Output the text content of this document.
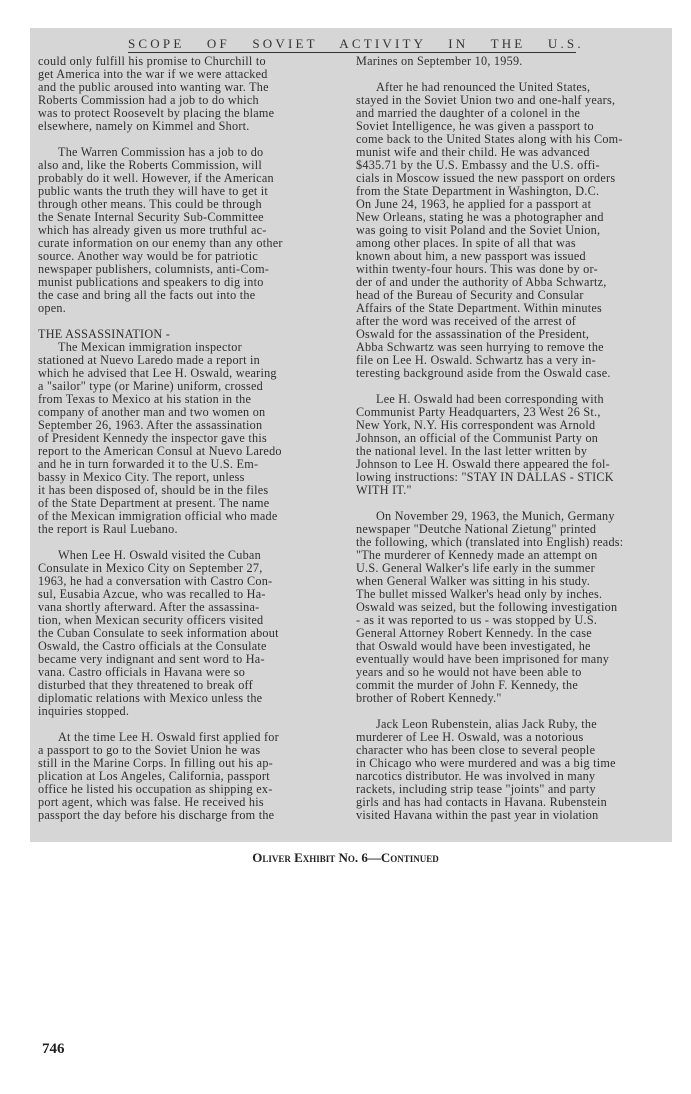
SCOPE OF SOVIET ACTIVITY IN THE U.S.
could only fulfill his promise to Churchill to
get America into the war if we were attacked
and the public aroused into wanting war. The
Roberts Commission had a job to do which
was to protect Roosevelt by placing the blame
elsewhere, namely on Kimmel and Short.
The Warren Commission has a job to do
also and, like the Roberts Commission, will
probably do it well. However, if the American
public wants the truth they will have to get it
through other means. This could be through
the Senate Internal Security Sub-Committee
which has already given us more truthful ac-
curate information on our enemy than any other
source. Another way would be for patriotic
newspaper publishers, columnists, anti-Com-
munist publications and speakers to dig into
the case and bring all the facts out into the
open.
THE ASSASSINATION -
The Mexican immigration inspector
stationed at Nuevo Laredo made a report in
which he advised that Lee H. Oswald, wearing
a "sailor" type (or Marine) uniform, crossed
from Texas to Mexico at his station in the
company of another man and two women on
September 26, 1963. After the assassination
of President Kennedy the inspector gave this
report to the American Consul at Nuevo Laredo
and he in turn forwarded it to the U.S. Em-
bassy in Mexico City. The report, unless
it has been disposed of, should be in the files
of the State Department at present. The name
of the Mexican immigration official who made
the report is Raul Luebano.
When Lee H. Oswald visited the Cuban
Consulate in Mexico City on September 27,
1963, he had a conversation with Castro Con-
sul, Eusabia Azcue, who was recalled to Ha-
vana shortly afterward. After the assassina-
tion, when Mexican security officers visited
the Cuban Consulate to seek information about
Oswald, the Castro officials at the Consulate
became very indignant and sent word to Ha-
vana. Castro officials in Havana were so
disturbed that they threatened to break off
diplomatic relations with Mexico unless the
inquiries stopped.
At the time Lee H. Oswald first applied for
a passport to go to the Soviet Union he was
still in the Marine Corps. In filling out his ap-
plication at Los Angeles, California, passport
office he listed his occupation as shipping ex-
port agent, which was false. He received his
passport the day before his discharge from the
Marines on September 10, 1959.
After he had renounced the United States,
stayed in the Soviet Union two and one-half years,
and married the daughter of a colonel in the
Soviet Intelligence, he was given a passport to
come back to the United States along with his Com-
munist wife and their child. He was advanced
$435.71 by the U.S. Embassy and the U.S. offi-
cials in Moscow issued the new passport on orders
from the State Department in Washington, D.C.
On June 24, 1963, he applied for a passport at
New Orleans, stating he was a photographer and
was going to visit Poland and the Soviet Union,
among other places. In spite of all that was
known about him, a new passport was issued
within twenty-four hours. This was done by or-
der of and under the authority of Abba Schwartz,
head of the Bureau of Security and Consular
Affairs of the State Department. Within minutes
after the word was received of the arrest of
Oswald for the assassination of the President,
Abba Schwartz was seen hurrying to remove the
file on Lee H. Oswald. Schwartz has a very in-
teresting background aside from the Oswald case.
Lee H. Oswald had been corresponding with
Communist Party Headquarters, 23 West 26 St.,
New York, N.Y. His correspondent was Arnold
Johnson, an official of the Communist Party on
the national level. In the last letter written by
Johnson to Lee H. Oswald there appeared the fol-
lowing instructions: "STAY IN DALLAS - STICK
WITH IT."
On November 29, 1963, the Munich, Germany
newspaper "Deutche National Zietung" printed
the following, which (translated into English) reads:
"The murderer of Kennedy made an attempt on
U.S. General Walker's life early in the summer
when General Walker was sitting in his study.
The bullet missed Walker's head only by inches.
Oswald was seized, but the following investigation
- as it was reported to us - was stopped by U.S.
General Attorney Robert Kennedy. In the case
that Oswald would have been investigated, he
eventually would have been imprisoned for many
years and so he would not have been able to
commit the murder of John F. Kennedy, the
brother of Robert Kennedy."
Jack Leon Rubenstein, alias Jack Ruby, the
murderer of Lee H. Oswald, was a notorious
character who has been close to several people
in Chicago who were murdered and was a big time
narcotics distributor. He was involved in many
rackets, including strip tease "joints" and party
girls and has had contacts in Havana. Rubenstein
visited Havana within the past year in violation
Oliver Exhibit No. 6—Continued
746
